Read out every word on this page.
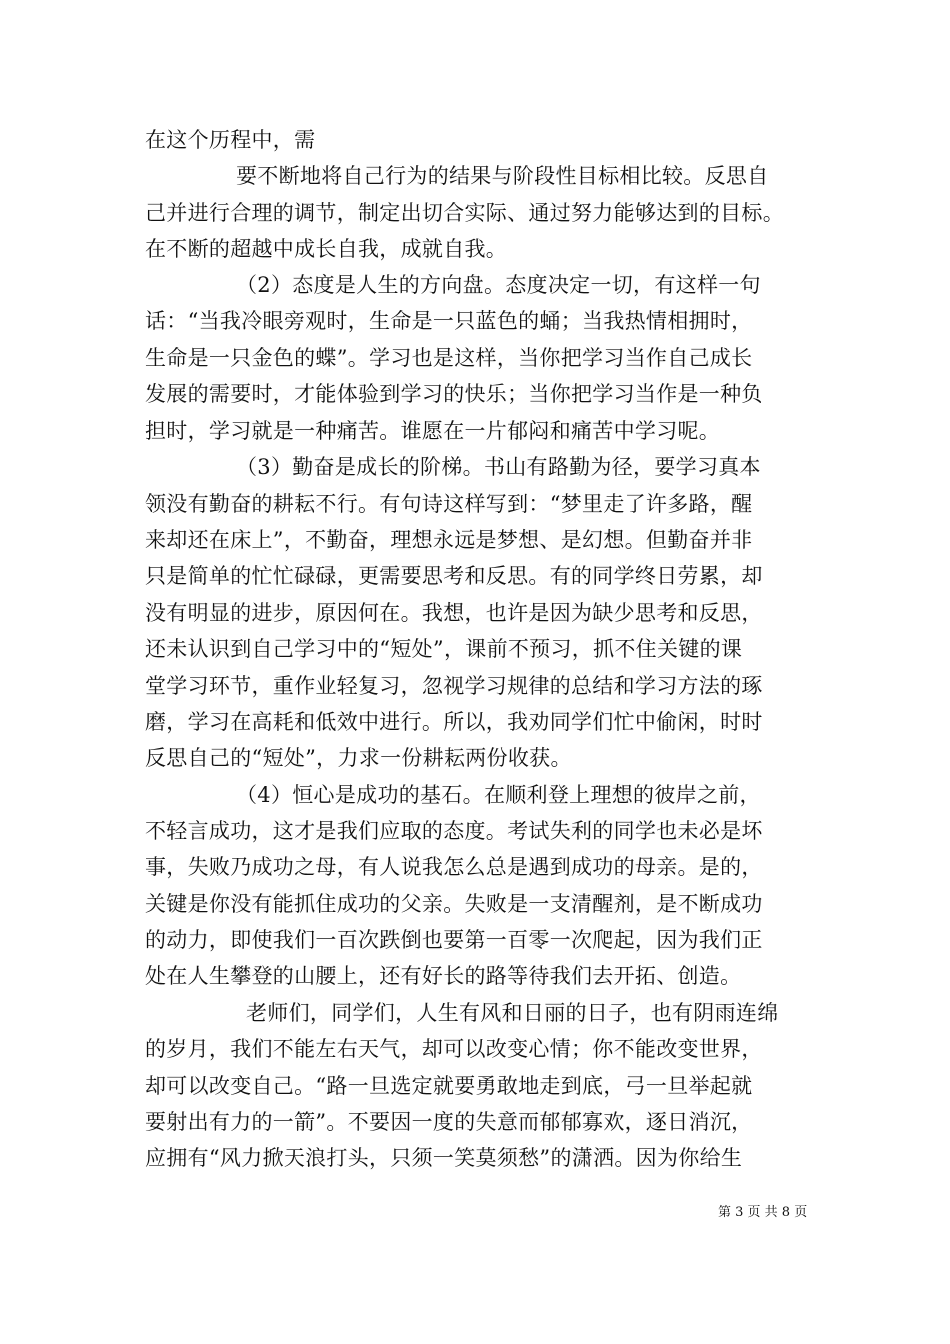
在这个历程中，需
要不断地将自己行为的结果与阶段性目标相比较。反思自
己并进行合理的调节，制定出切合实际、通过努力能够达到的目标。
在不断的超越中成长自我，成就自我。
（2）态度是人生的方向盘。态度决定一切，有这样一句
话：“当我冷眼旁观时，生命是一只蓝色的蛹；当我热情相拥时，
生命是一只金色的蝶”。学习也是这样，当你把学习当作自己成长
发展的需要时，才能体验到学习的快乐；当你把学习当作是一种负
担时，学习就是一种痛苦。谁愿在一片郁闷和痛苦中学习呢。
（3）勤奋是成长的阶梯。书山有路勤为径，要学习真本
领没有勤奋的耕耘不行。有句诗这样写到：“梦里走了许多路，醒
来却还在床上”，不勤奋，理想永远是梦想、是幻想。但勤奋并非
只是简单的忙忙碌碌，更需要思考和反思。有的同学终日劳累，却
没有明显的进步，原因何在。我想，也许是因为缺少思考和反思，
还未认识到自己学习中的“短处”，课前不预习，抓不住关键的课
堂学习环节，重作业轻复习，忽视学习规律的总结和学习方法的琢
磨，学习在高耗和低效中进行。所以，我劝同学们忙中偷闲，时时
反思自己的“短处”，力求一份耕耘两份收获。
（4）恒心是成功的基石。在顺利登上理想的彼岸之前，
不轻言成功，这才是我们应取的态度。考试失利的同学也未必是坏
事，失败乃成功之母，有人说我怎么总是遇到成功的母亲。是的，
关键是你没有能抓住成功的父亲。失败是一支清醒剂，是不断成功
的动力，即使我们一百次跌倒也要第一百零一次爬起，因为我们正
处在人生攀登的山腰上，还有好长的路等待我们去开拓、创造。
老师们，同学们，人生有风和日丽的日子，也有阴雨连绵
的岁月，我们不能左右天气，却可以改变心情；你不能改变世界，
却可以改变自己。“路一旦选定就要勇敢地走到底，弓一旦举起就
要射出有力的一箭”。不要因一度的失意而郁郁寡欢，逐日消沉，
应拥有“风力掀天浪打头，只须一笑莫须愁”的潇洒。因为你给生
第 3 页 共 8 页
